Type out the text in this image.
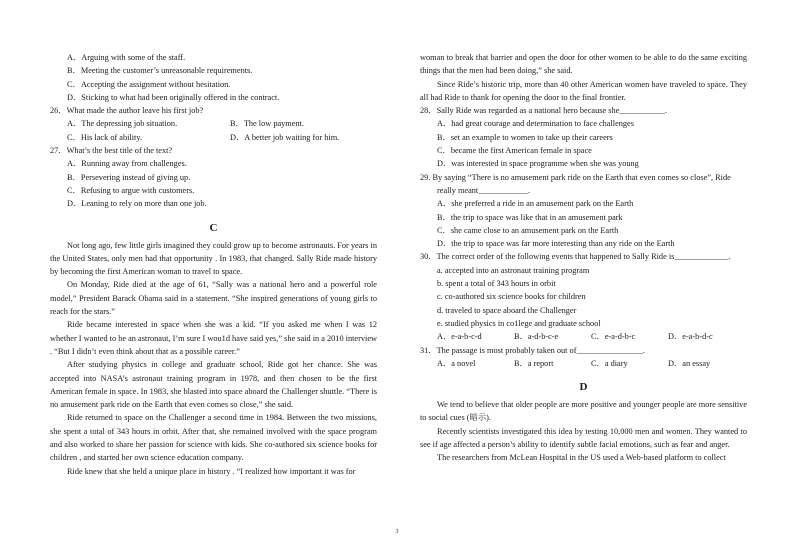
A．Arguing with some of the staff.
B．Meeting the customer’s unreasonable requirements.
C．Accepting the assignment without hesitation.
D．Sticking to what had been originally offered in the contract.
26．What made the author leave his first job?
A．The depressing job situation.	B．The low payment.
C．His lack of ability.	D．A better job waiting for him.
27．What’s the best title of the text?
A．Running away from challenges.
B．Persevering instead of giving up.
C．Refusing to argue with customers.
D．Leaning to rely on more than one job.
C
Not long ago, few little girls imagined they could grow up to become astronauts. For years in the United States, only men had that opportunity . In 1983, that changed. Sally Ride made history by becoming the first American woman to travel to space.
On Monday, Ride died at the age of 61, “Sally was a national hero and a powerful role model,” President Barack Obama said in a statement. “She inspired generations of young girls to reach for the stars.”
Ride became interested in space when she was a kid. “If you asked me when I was 12 whether I wanted to be an astronaut, I’m sure I wou1d have said yes,” she said in a 2010 interview . “But I didn’t even think about that as a possible career.”
After studying physics in college and graduate school, Ride got her chance. She was accepted into NASA’s astronaut training program in 1978, and then chosen to be the first American female in space. In 1983, she blasted into space aboard the Challenger shuttle. “There is no amusement park ride on the Earth that even comes so close,” she said.
Ride returned to space on the Challenger a second time in 1984. Between the two missions, she spent a total of 343 hours in orbit. After that, she remained involved with the space program and also worked to share her passion for science with kids. She co-authored six science books for children , and started her own science education company.
Ride knew that she held a unique place in history . “I realized how important it was for
woman to break that barrier and open the door for other women to be able to do the same exciting things that the men had been doing,” she said.
Since Ride’s historic trip, more than 40 other American women have traveled to space. They all had Ride to thank for opening the door to the final frontier.
28．Sally Ride was regarded as a national hero because she___________.
A．had great courage and determination to face challenges
B．set an example to women to take up their careers
C．became the first American female in space
D．was interested in space programme when she was young
29. By saying “There is no amusement park ride on the Earth that even comes so close”, Ride
really meant____________.
A．she preferred a ride in an amusement park on the Earth
B．the trip to space was like that in an amusement park
C．she came close to an amusement park on the Earth
D．the trip to space was far more interesting than any ride on the Earth
30．The correct order of the following events that happened to Sally Ride is_____________.
a. accepted into an astronaut training program
b. spent a total of 343 hours in orbit
c. co-authored six science books for children
d. traveled to space aboard the Challenger
e. studied physics in co1lege and graduate school
A．e-a-b-c-d	B．a-d-b-c-e	C．e-a-d-b-c	D．e-a-b-d-c
31．The passage is most probably taken out of________________.
A．a novel	B．a report	C．a diary	D．an essay
D
We tend to believe that older people are more positive and younger people are more sensitive to social cues (暗示).
Recently scientists investigated this idea by testing 10,000 men and women. They wanted to see if age affected a person’s ability to identify subtle facial emotions, such as fear and anger.
The researchers from McLean Hospital in the US used a Web-based platform to collect
3
